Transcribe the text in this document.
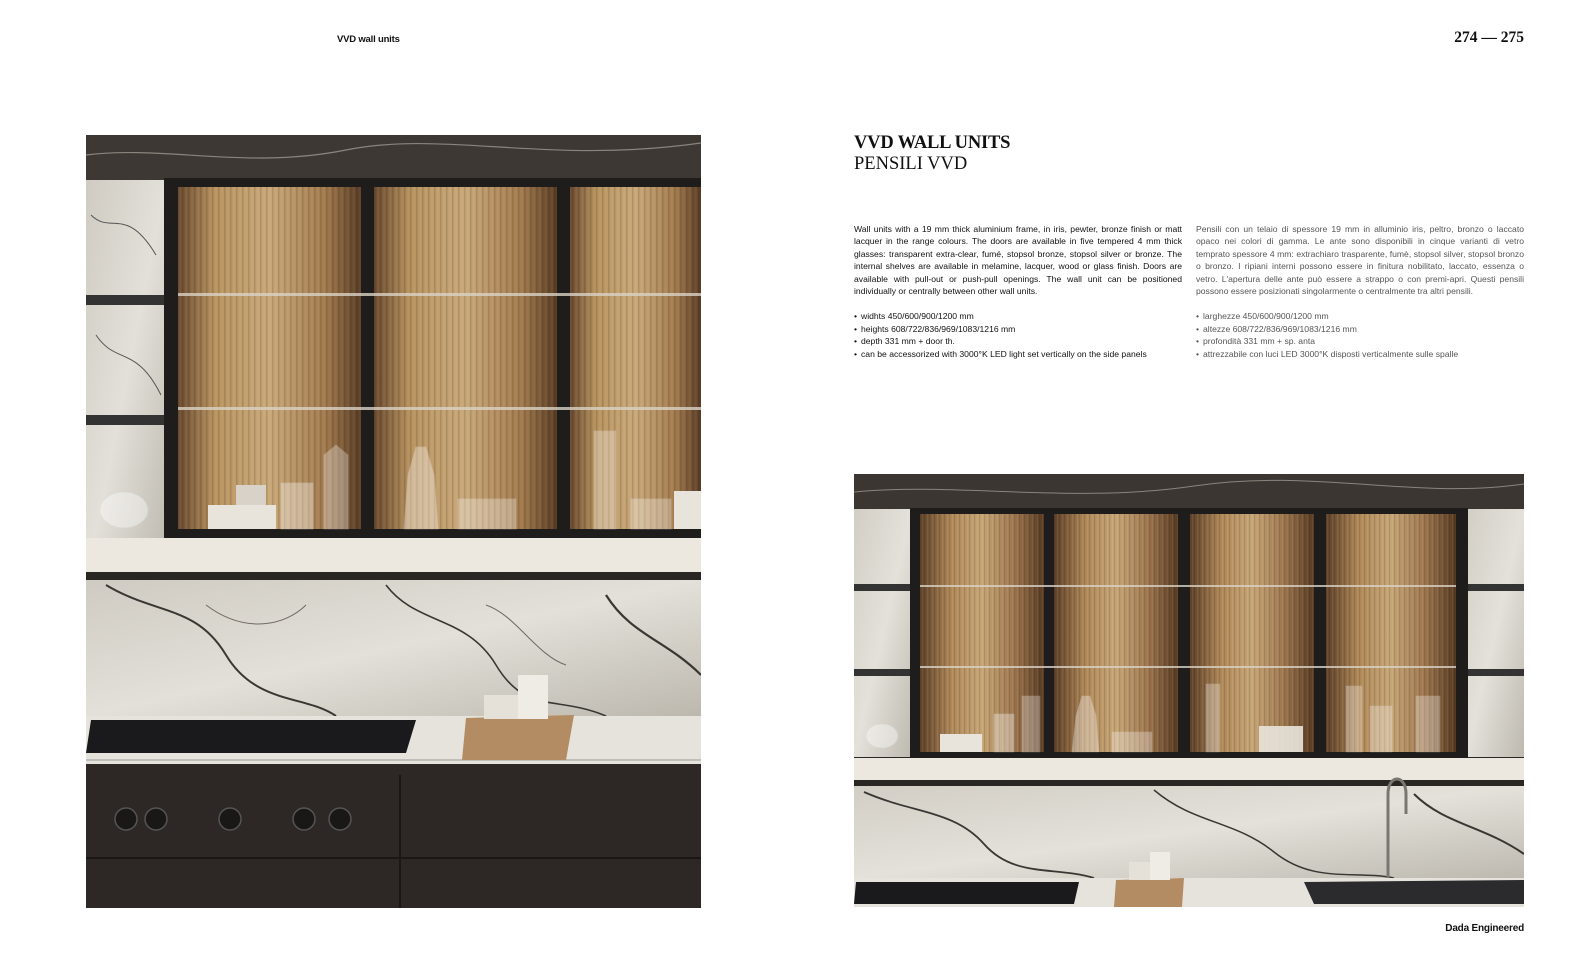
VVD wall units	274 — 275
VVD WALL UNITS
PENSILI VVD

Wall units with a 19 mm thick aluminium frame, in iris, pewter, bronze finish or matt lacquer in the range colours. The doors are available in five tempered 4 mm thick glasses: transparent extra-clear, fumé, stopsol bronze, stopsol silver or bronze. The internal shelves are available in melamine, lacquer, wood or glass finish. Doors are available with pull-out or push-pull openings. The wall unit can be positioned individually or centrally between other wall units.

• widhts 450/600/900/1200 mm
• heights 608/722/836/969/1083/1216 mm
• depth 331 mm + door th.
• can be accessorized with 3000°K LED light set vertically on the side panels

Pensili con un telaio di spessore 19 mm in alluminio iris, peltro, bronzo o laccato opaco nei colori di gamma. Le ante sono disponibili in cinque varianti di vetro temprato spessore 4 mm: extrachiaro trasparente, fumè, stopsol silver, stopsol bronzo o bronzo. I ripiani interni possono essere in finitura nobilitato, laccato, essenza o vetro. L'apertura delle ante può essere a strappo o con premi-apri. Questi pensili possono essere posizionati singolarmente o centralmente tra altri pensili.

• larghezze 450/600/900/1200 mm
• altezze 608/722/836/969/1083/1216 mm
• profondità 331 mm + sp. anta
• attrezzabile con luci LED 3000°K disposti verticalmente sulle spalle
Dada Engineered
